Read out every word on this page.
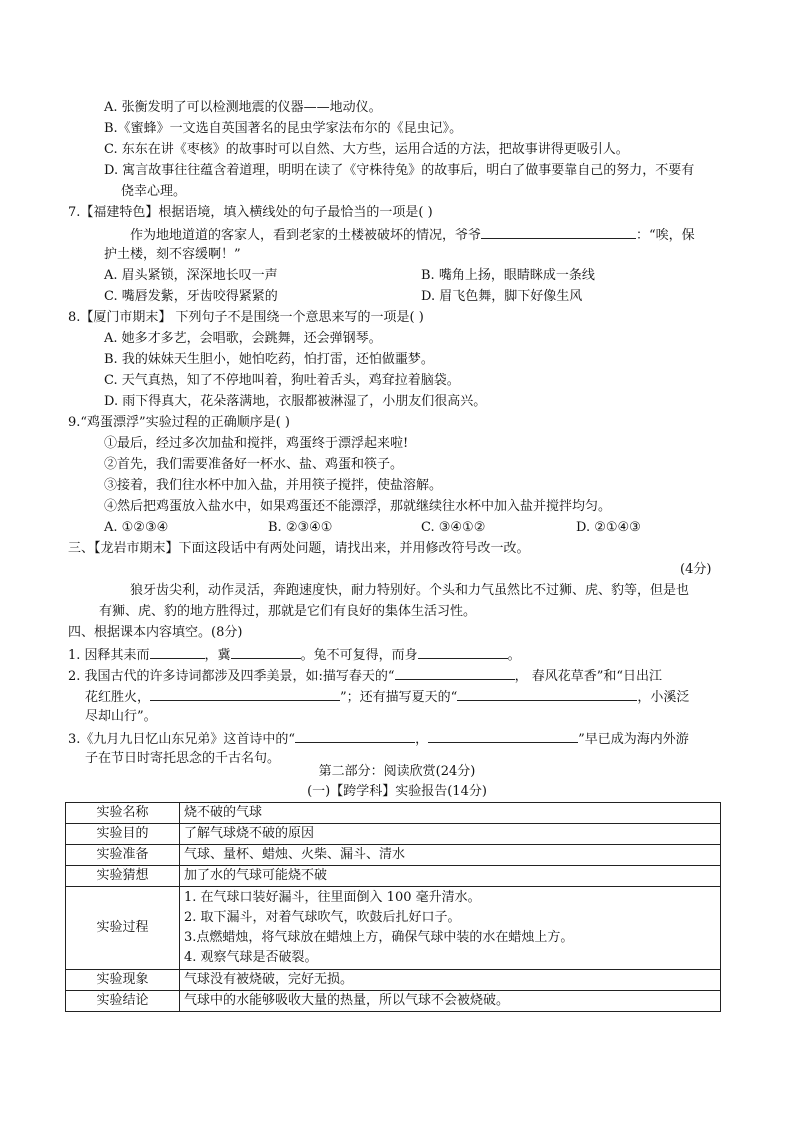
A. 张衡发明了可以检测地震的仪器——地动仪。
B.《蜜蜂》一文选自英国著名的昆虫学家法布尔的《昆虫记》。
C. 东东在讲《枣核》的故事时可以自然、大方些，运用合适的方法，把故事讲得更吸引人。
D. 寓言故事往往蕴含着道理，明明在读了《守株待兔》的故事后，明白了做事要靠自己的努力，不要有
侥幸心理。
7.【福建特色】根据语境，填入横线处的句子最恰当的一项是( )
作为地地道道的客家人，看到老家的土楼被破坏的情况，爷爷	：“唉，保
护土楼，刻不容缓啊！”
A. 眉头紧锁，深深地长叹一声	B. 嘴角上扬，眼睛眯成一条线
C. 嘴唇发紫，牙齿咬得紧紧的	D. 眉飞色舞，脚下好像生风
8.【厦门市期末】 下列句子不是围绕一个意思来写的一项是( )
A. 她多才多艺，会唱歌，会跳舞，还会弹钢琴。
B. 我的妹妹天生胆小，她怕吃药，怕打雷，还怕做噩梦。
C. 天气真热，知了不停地叫着，狗吐着舌头，鸡耷拉着脑袋。
D. 雨下得真大，花朵落满地，衣服都被淋湿了，小朋友们很高兴。
9.“鸡蛋漂浮”实验过程的正确顺序是( )
①最后，经过多次加盐和搅拌，鸡蛋终于漂浮起来啦!
②首先，我们需要准备好一杯水、盐、鸡蛋和筷子。
③接着，我们往水杯中加入盐，并用筷子搅拌，使盐溶解。
④然后把鸡蛋放入盐水中，如果鸡蛋还不能漂浮，那就继续往水杯中加入盐并搅拌均匀。
A. ①②③④	B. ②③④①	C. ③④①②	D. ②①④③
三、【龙岩市期末】下面这段话中有两处问题，请找出来，并用修改符号改一改。
(4分)
狼牙齿尖利，动作灵活，奔跑速度快，耐力特别好。个头和力气虽然比不过狮、虎、豹等，但是也
有狮、虎、豹的地方胜得过，那就是它们有良好的集体生活习性。
四、根据课本内容填空。(8分)
1. 因释其耒而	，冀	。兔不可复得，而身	。
2. 我国古代的许多诗词都涉及四季美景，如:描写春天的“	， 春风花草香”和“日出江
花红胜火，	”；还有描写夏天的“	，小溪泛
尽却山行”。
3.《九月九日忆山东兄弟》这首诗中的“	，	”早已成为海内外游
子在节日时寄托思念的千古名句。
第二部分：阅读欣赏(24分)
(一)【跨学科】实验报告(14分)
实验名称	烧不破的气球
实验目的	了解气球烧不破的原因
实验准备	气球、量杯、蜡烛、火柴、漏斗、清水
实验猜想	加了水的气球可能烧不破
实验过程	1. 在气球口装好漏斗，往里面倒入 100 毫升清水。
2. 取下漏斗，对着气球吹气，吹鼓后扎好口子。
3.点燃蜡烛，将气球放在蜡烛上方，确保气球中装的水在蜡烛上方。
4. 观察气球是否破裂。

实验现象	气球没有被烧破，完好无损。
实验结论	气球中的水能够吸收大量的热量，所以气球不会被烧破。
